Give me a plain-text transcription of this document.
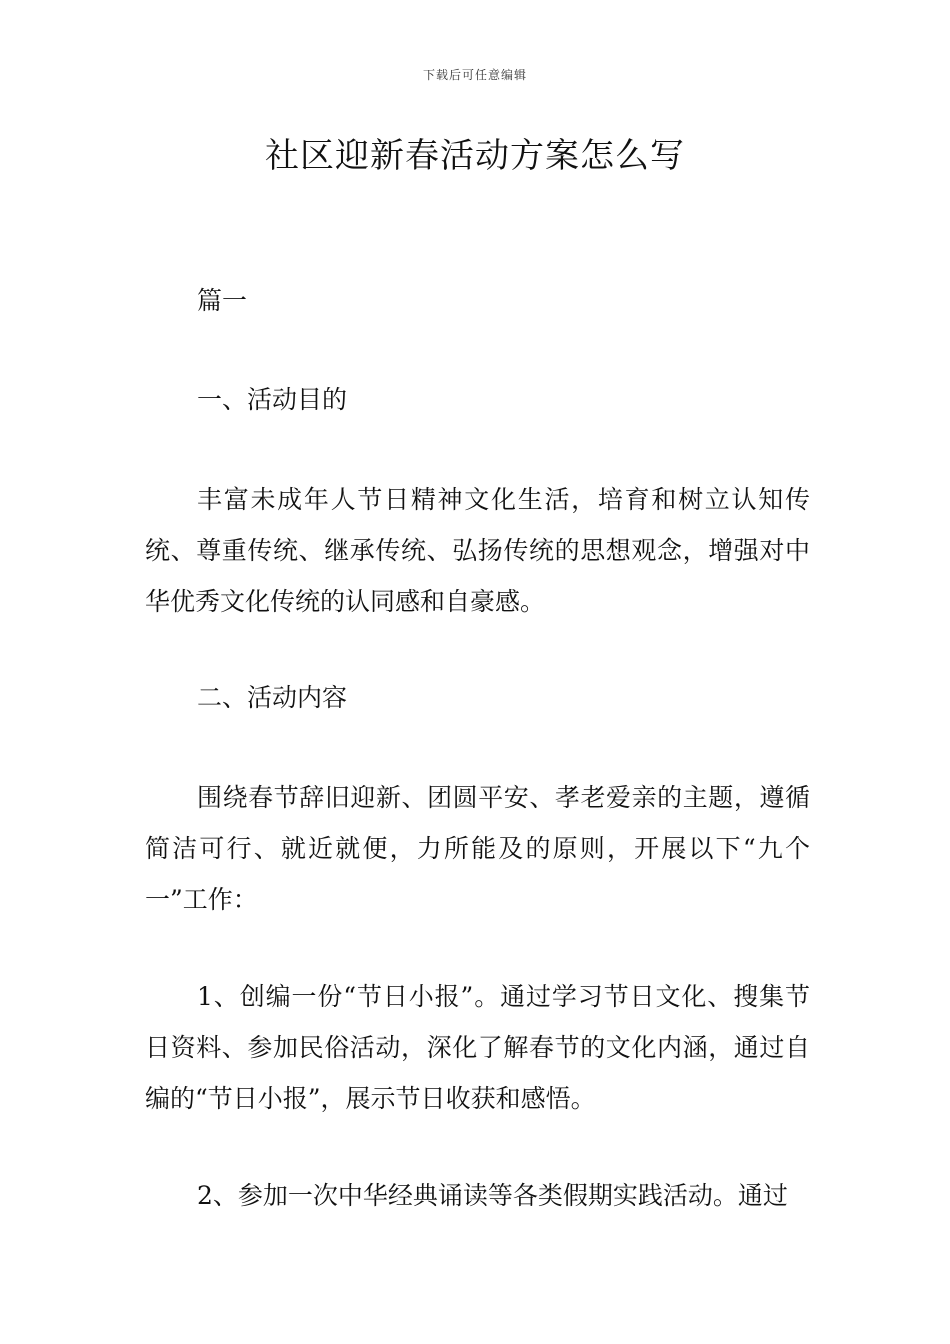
下载后可任意编辑
社区迎新春活动方案怎么写

篇一

一、活动目的

丰富未成年人节日精神文化生活，培育和树立认知传统、尊重传统、继承传统、弘扬传统的思想观念，增强对中华优秀文化传统的认同感和自豪感。

二、活动内容

围绕春节辞旧迎新、团圆平安、孝老爱亲的主题，遵循简洁可行、就近就便，力所能及的原则，开展以下“九个一”工作：

1、创编一份“节日小报”。通过学习节日文化、搜集节日资料、参加民俗活动，深化了解春节的文化内涵，通过自编的“节日小报”，展示节日收获和感悟。

2、参加一次中华经典诵读等各类假期实践活动。通过
